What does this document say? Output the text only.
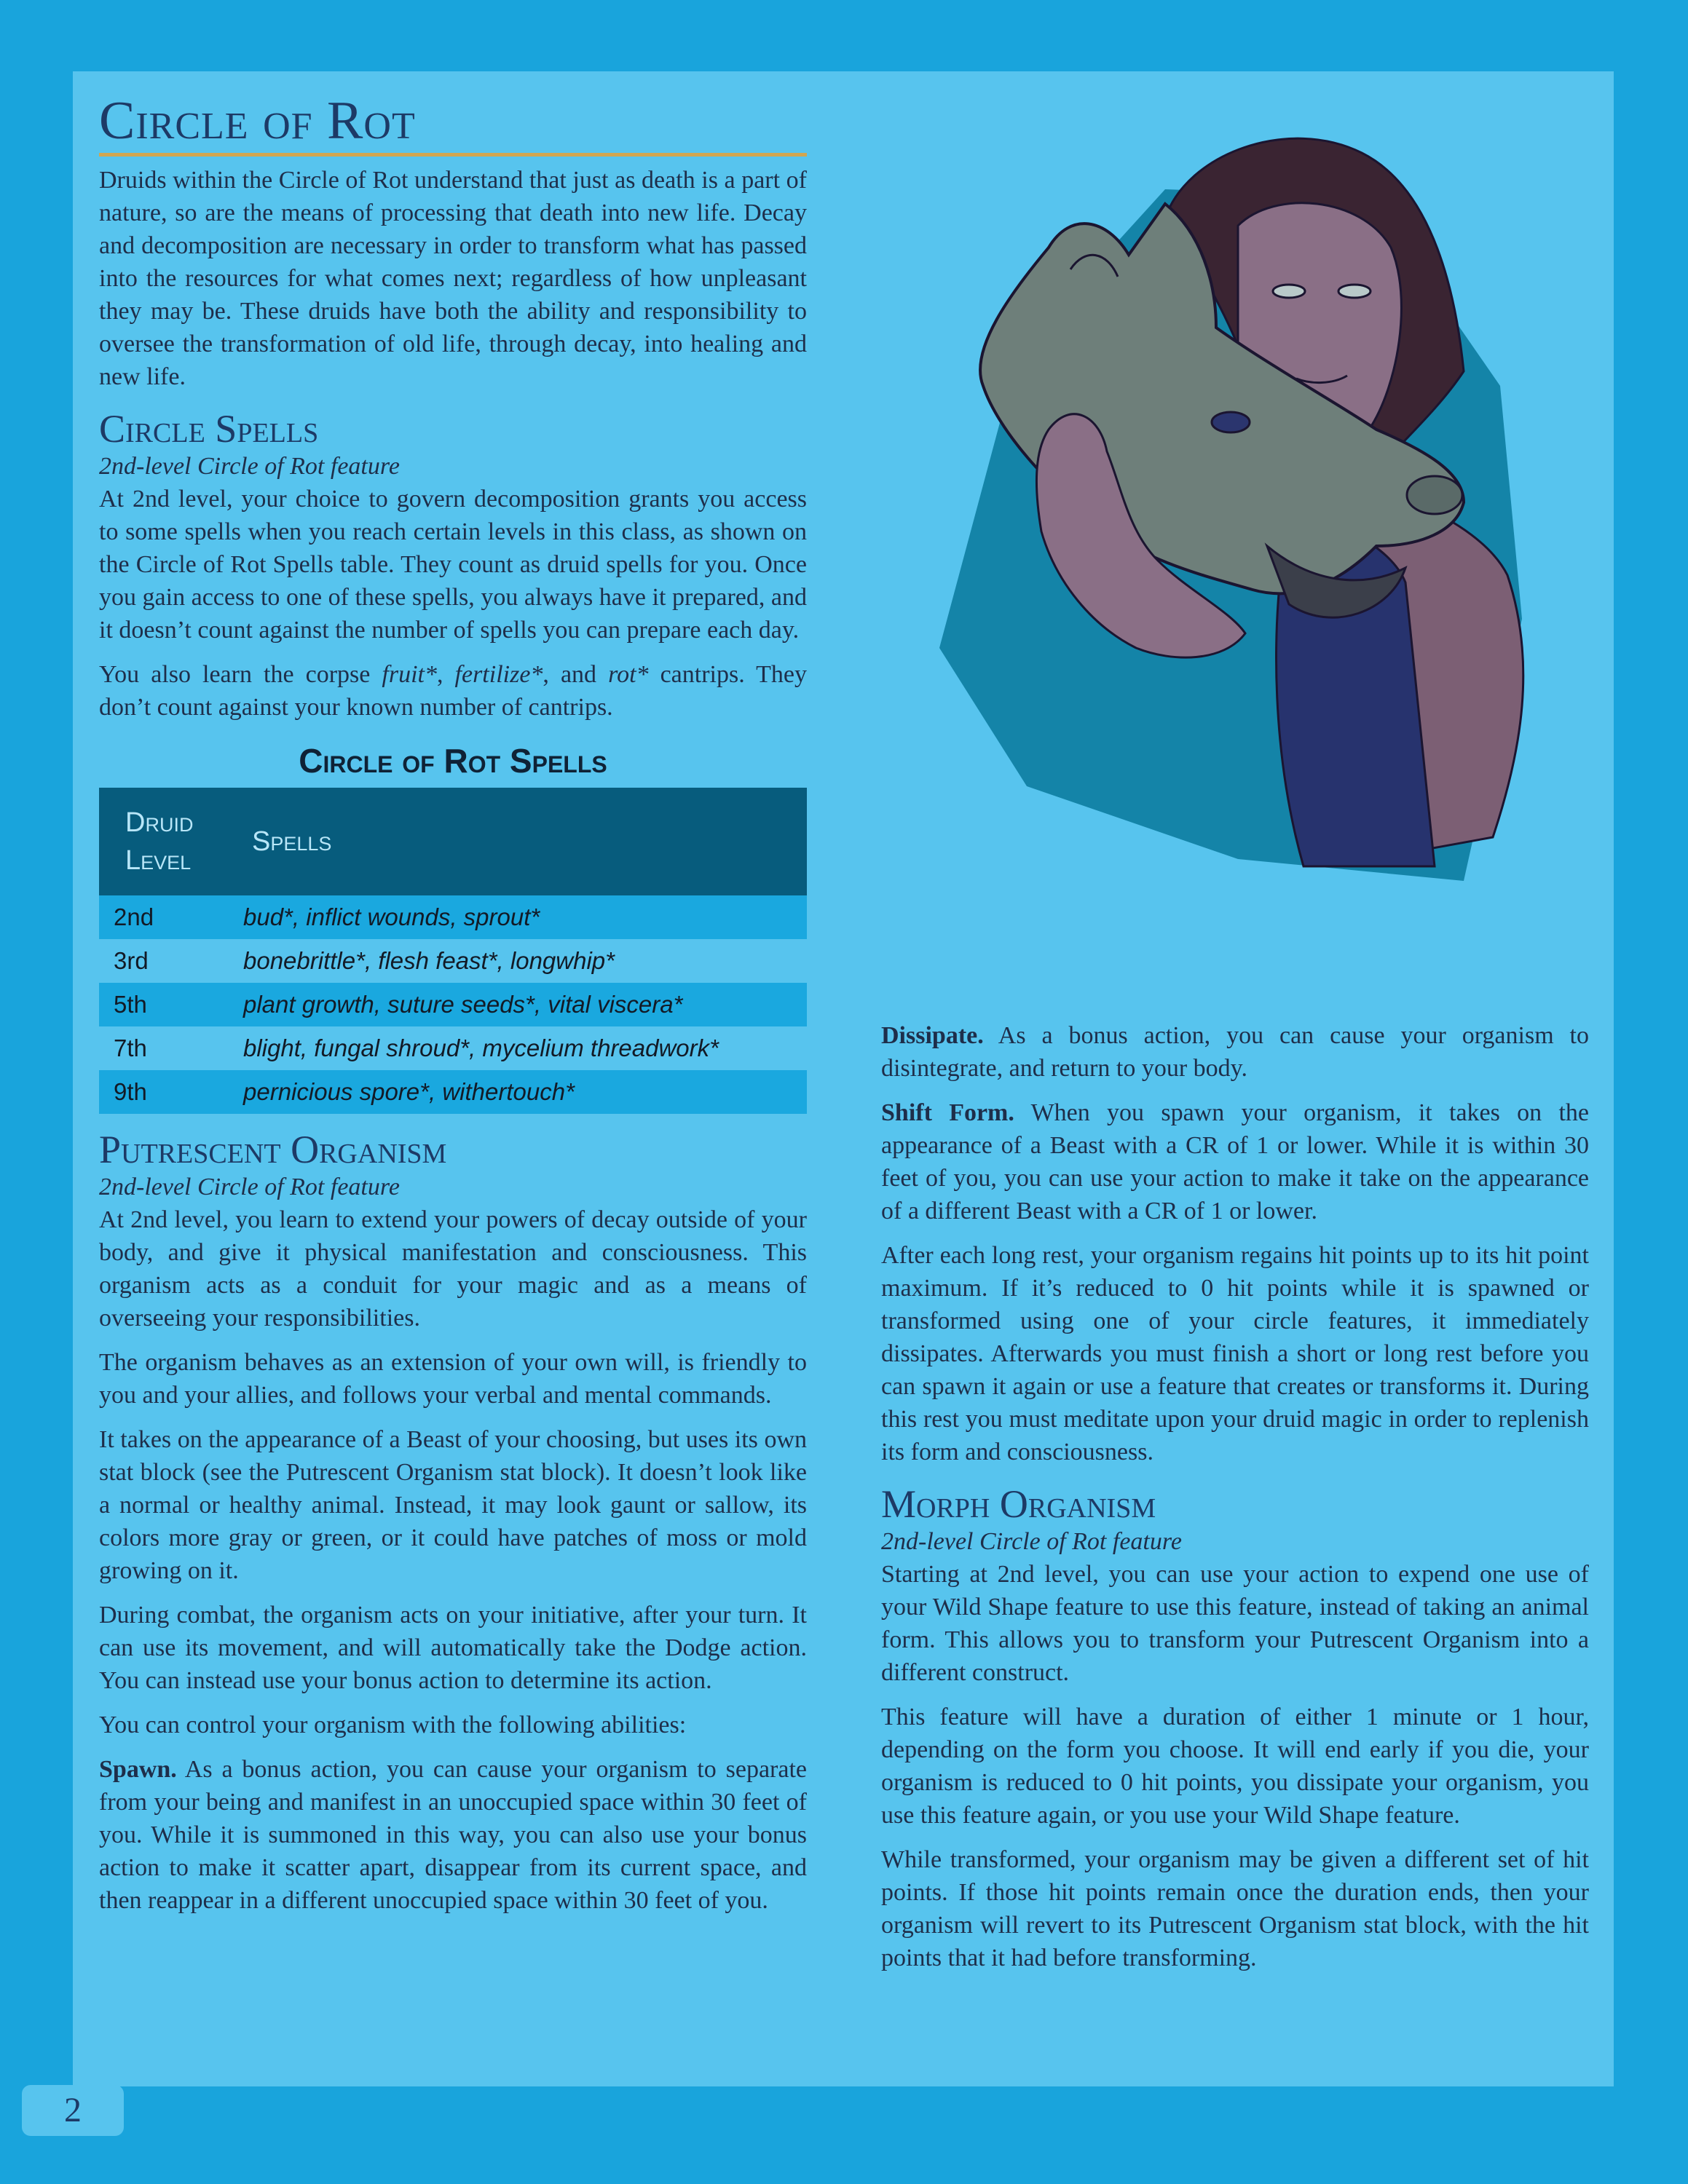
Circle of Rot

Druids within the Circle of Rot understand that just as death is a part of nature, so are the means of processing that death into new life. Decay and decomposition are necessary in order to transform what has passed into the resources for what comes next; regardless of how unpleasant they may be. These druids have both the ability and responsibility to oversee the transformation of old life, through decay, into healing and new life.

Circle Spells
2nd-level Circle of Rot feature

At 2nd level, your choice to govern decomposition grants you access to some spells when you reach certain levels in this class, as shown on the Circle of Rot Spells table. They count as druid spells for you. Once you gain access to one of these spells, you always have it prepared, and it doesn’t count against the number of spells you can prepare each day.

You also learn the corpse fruit*, fertilize*, and rot* cantrips. They don’t count against your known number of cantrips.

Circle of Rot Spells
Druid
Level	Spells
2nd	bud*, inflict wounds, sprout*
3rd	bonebrittle*, flesh feast*, longwhip*
5th	plant growth, suture seeds*, vital viscera*
7th	blight, fungal shroud*, mycelium threadwork*
9th	pernicious spore*, withertouch*
Putrescent Organism
2nd-level Circle of Rot feature

At 2nd level, you learn to extend your powers of decay outside of your body, and give it physical manifestation and consciousness. This organism acts as a conduit for your magic and as a means of overseeing your responsibilities.

The organism behaves as an extension of your own will, is friendly to you and your allies, and follows your verbal and mental commands.

It takes on the appearance of a Beast of your choosing, but uses its own stat block (see the Putrescent Organism stat block). It doesn’t look like a normal or healthy animal. Instead, it may look gaunt or sallow, its colors more gray or green, or it could have patches of moss or mold growing on it.

During combat, the organism acts on your initiative, after your turn. It can use its movement, and will automatically take the Dodge action. You can instead use your bonus action to determine its action.

You can control your organism with the following abilities:

Spawn. As a bonus action, you can cause your organism to separate from your being and manifest in an unoccupied space within 30 feet of you. While it is summoned in this way, you can also use your bonus action to make it scatter apart, disappear from its current space, and then reappear in a different unoccupied space within 30 feet of you.

Dissipate. As a bonus action, you can cause your organism to disintegrate, and return to your body.

Shift Form. When you spawn your organism, it takes on the appearance of a Beast with a CR of 1 or lower. While it is within 30 feet of you, you can use your action to make it take on the appearance of a different Beast with a CR of 1 or lower.

After each long rest, your organism regains hit points up to its hit point maximum. If it’s reduced to 0 hit points while it is spawned or transformed using one of your circle features, it immediately dissipates. Afterwards you must finish a short or long rest before you can spawn it again or use a feature that creates or transforms it. During this rest you must meditate upon your druid magic in order to replenish its form and consciousness.

Morph Organism
2nd-level Circle of Rot feature

Starting at 2nd level, you can use your action to expend one use of your Wild Shape feature to use this feature, instead of taking an animal form. This allows you to transform your Putrescent Organism into a different construct.

This feature will have a duration of either 1 minute or 1 hour, depending on the form you choose. It will end early if you die, your organism is reduced to 0 hit points, you dissipate your organism, you use this feature again, or you use your Wild Shape feature.

While transformed, your organism may be given a different set of hit points. If those hit points remain once the duration ends, then your organism will revert to its Putrescent Organism stat block, with the hit points that it had before transforming.

2
